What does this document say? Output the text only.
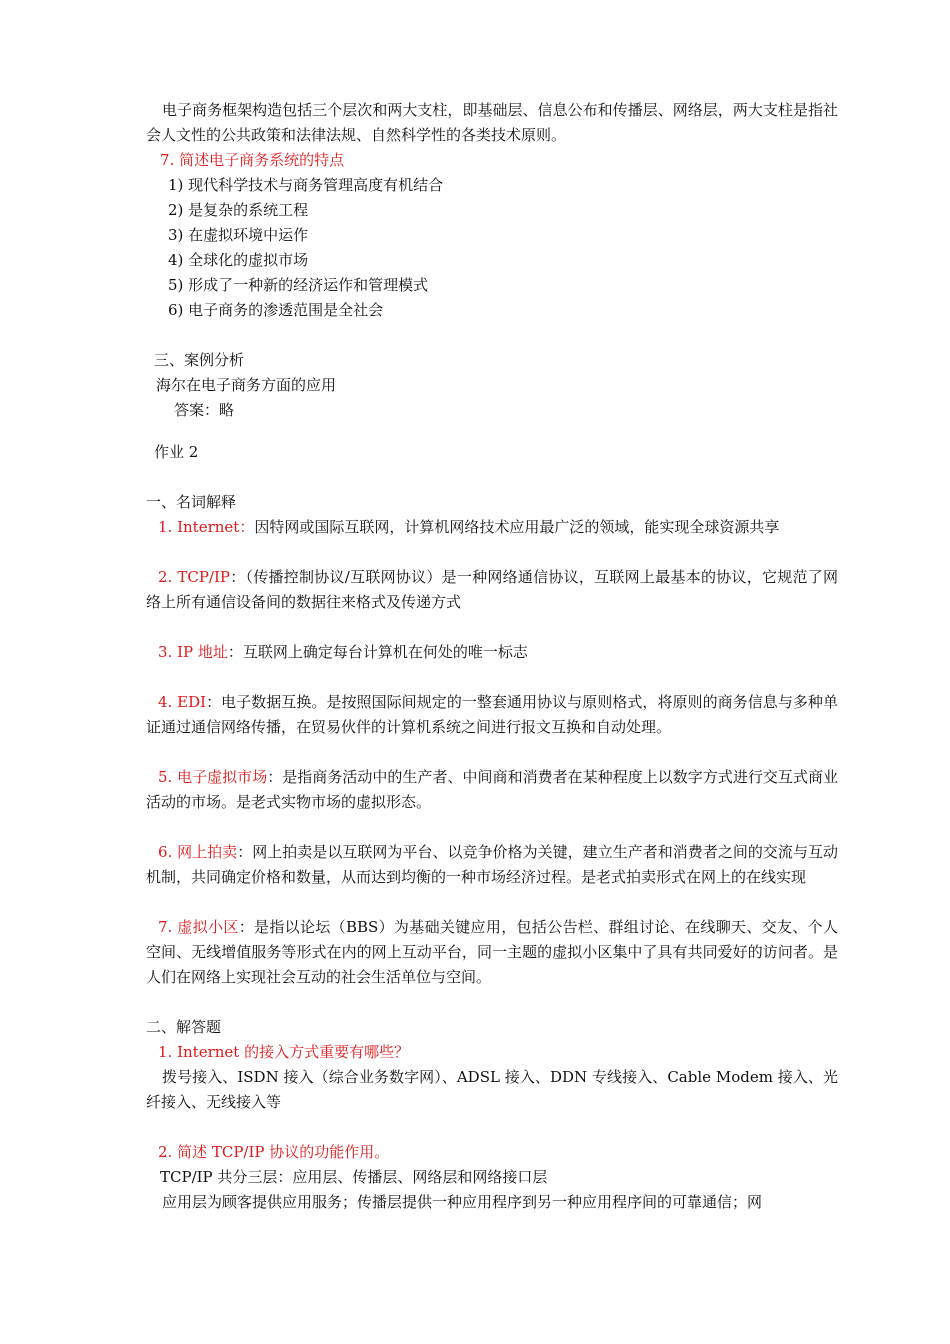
电子商务框架构造包括三个层次和两大支柱，即基础层、信息公布和传播层、网络层，两大支柱是指社会人文性的公共政策和法律法规、自然科学性的各类技术原则。

7. 简述电子商务系统的特点

1) 现代科学技术与商务管理高度有机结合

2) 是复杂的系统工程

3) 在虚拟环境中运作

4) 全球化的虚拟市场

5) 形成了一种新的经济运作和管理模式

6) 电子商务的渗透范围是全社会

三、案例分析

海尔在电子商务方面的应用

答案：略

作业 2

一、名词解释

1. Internet：因特网或国际互联网，计算机网络技术应用最广泛的领域，能实现全球资源共享

2. TCP/IP：（传播控制协议/互联网协议）是一种网络通信协议，互联网上最基本的协议，它规范了网络上所有通信设备间的数据往来格式及传递方式

3. IP 地址：互联网上确定每台计算机在何处的唯一标志

4. EDI：电子数据互换。是按照国际间规定的一整套通用协议与原则格式，将原则的商务信息与多种单证通过通信网络传播，在贸易伙伴的计算机系统之间进行报文互换和自动处理。

5. 电子虚拟市场：是指商务活动中的生产者、中间商和消费者在某种程度上以数字方式进行交互式商业活动的市场。是老式实物市场的虚拟形态。

6. 网上拍卖：网上拍卖是以互联网为平台、以竞争价格为关键，建立生产者和消费者之间的交流与互动机制，共同确定价格和数量，从而达到均衡的一种市场经济过程。是老式拍卖形式在网上的在线实现

7. 虚拟小区：是指以论坛（BBS）为基础关键应用，包括公告栏、群组讨论、在线聊天、交友、个人空间、无线增值服务等形式在内的网上互动平台，同一主题的虚拟小区集中了具有共同爱好的访问者。是人们在网络上实现社会互动的社会生活单位与空间。

二、解答题

1. Internet 的接入方式重要有哪些？

拨号接入、ISDN 接入（综合业务数字网）、ADSL 接入、DDN 专线接入、Cable Modem 接入、光纤接入、无线接入等

2. 简述 TCP/IP 协议的功能作用。

TCP/IP 共分三层：应用层、传播层、网络层和网络接口层

应用层为顾客提供应用服务；传播层提供一种应用程序到另一种应用程序间的可靠通信；网
